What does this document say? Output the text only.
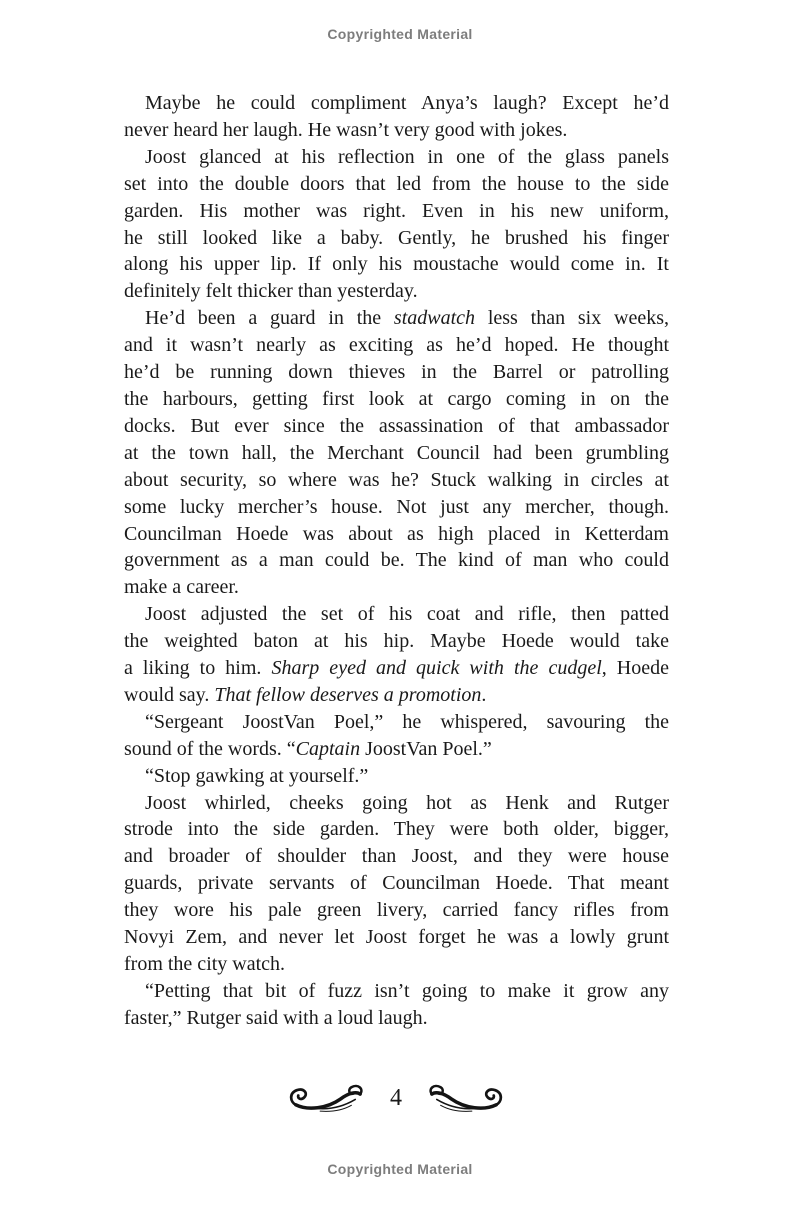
Copyrighted Material
Maybe he could compliment Anya’s laugh? Except he’d
never heard her laugh. He wasn’t very good with jokes.
Joost glanced at his reflection in one of the glass panels
set into the double doors that led from the house to the side
garden. His mother was right. Even in his new uniform,
he still looked like a baby. Gently, he brushed his finger
along his upper lip. If only his moustache would come in. It
definitely felt thicker than yesterday.
He’d been a guard in the stadwatch less than six weeks,
and it wasn’t nearly as exciting as he’d hoped. He thought
he’d be running down thieves in the Barrel or patrolling
the harbours, getting first look at cargo coming in on the
docks. But ever since the assassination of that ambassador
at the town hall, the Merchant Council had been grumbling
about security, so where was he? Stuck walking in circles at
some lucky mercher’s house. Not just any mercher, though.
Councilman Hoede was about as high placed in Ketterdam
government as a man could be. The kind of man who could
make a career.
Joost adjusted the set of his coat and rifle, then patted
the weighted baton at his hip. Maybe Hoede would take
a liking to him. Sharp eyed and quick with the cudgel, Hoede
would say. That fellow deserves a promotion.
“Sergeant JoostVan Poel,” he whispered, savouring the
sound of the words. “Captain JoostVan Poel.”
“Stop gawking at yourself.”
Joost whirled, cheeks going hot as Henk and Rutger
strode into the side garden. They were both older, bigger,
and broader of shoulder than Joost, and they were house
guards, private servants of Councilman Hoede. That meant
they wore his pale green livery, carried fancy rifles from
Novyi Zem, and never let Joost forget he was a lowly grunt
from the city watch.
“Petting that bit of fuzz isn’t going to make it grow any
faster,” Rutger said with a loud laugh.
4
Copyrighted Material
